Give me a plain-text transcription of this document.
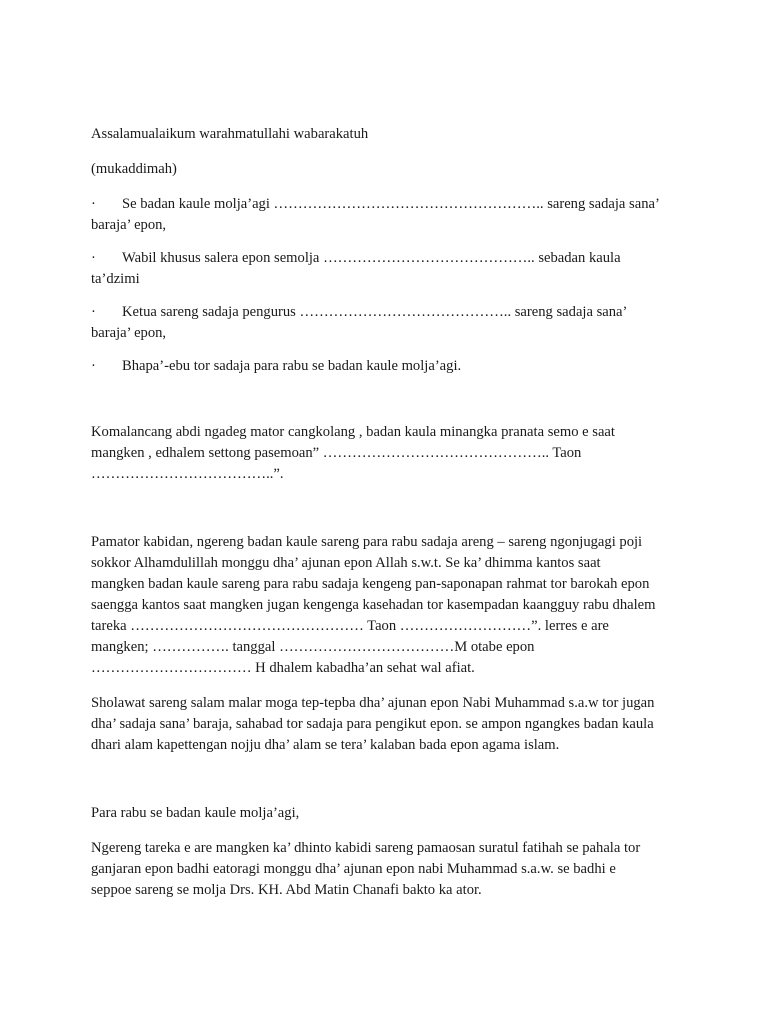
Assalamualaikum warahmatullahi wabarakatuh

(mukaddimah)

· Se badan kaule molja’agi ……………………………………………….. sareng sadaja sana’

baraja’ epon,

· Wabil khusus salera epon semolja …………………………………….. sebadan kaula

ta’dzimi

· Ketua sareng sadaja pengurus …………………………………….. sareng sadaja sana’

baraja’ epon,

· Bhapa’-ebu tor sadaja para rabu se badan kaule molja’agi.

Komalancang abdi ngadeg mator cangkolang , badan kaula minangka pranata semo e saat

mangken , edhalem settong pasemoan” ……………………………………….. Taon

………………………………..”.

Pamator kabidan, ngereng badan kaule sareng para rabu sadaja areng – sareng ngonjugagi poji

sokkor Alhamdulillah monggu dha’ ajunan epon Allah s.w.t. Se ka’ dhimma kantos saat

mangken badan kaule sareng para rabu sadaja kengeng pan-saponapan rahmat tor barokah epon

saengga kantos saat mangken jugan kengenga kasehadan tor kasempadan kaangguy rabu dhalem

tareka ………………………………………… Taon ………………………”. lerres e are

mangken; ……………. tanggal ………………………………M otabe epon

…………………………… H dhalem kabadha’an sehat wal afiat.

Sholawat sareng salam malar moga tep-tepba dha’ ajunan epon Nabi Muhammad s.a.w tor jugan

dha’ sadaja sana’ baraja, sahabad tor sadaja para pengikut epon. se ampon ngangkes badan kaula

dhari alam kapettengan nojju dha’ alam se tera’ kalaban bada epon agama islam.

Para rabu se badan kaule molja’agi,

Ngereng tareka e are mangken ka’ dhinto kabidi sareng pamaosan suratul fatihah se pahala tor

ganjaran epon badhi eatoragi monggu dha’ ajunan epon nabi Muhammad s.a.w. se badhi e

seppoe sareng se molja Drs. KH. Abd Matin Chanafi bakto ka ator.
